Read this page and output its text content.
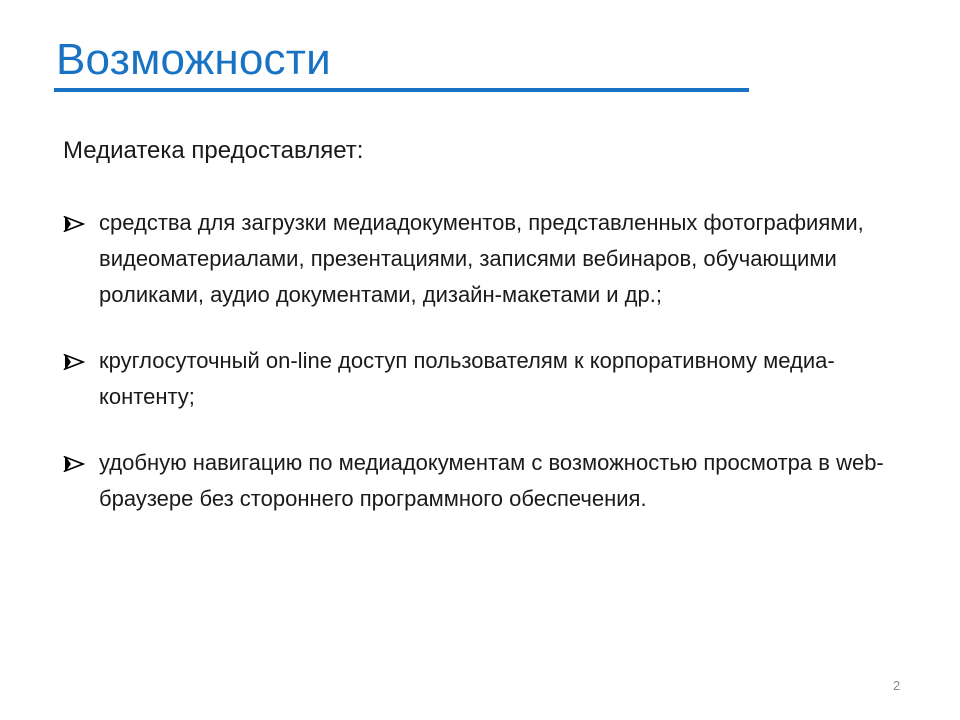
Возможности

Медиатека предоставляет:

средства для загрузки медиадокументов, представленных фотографиями, видеоматериалами, презентациями, записями вебинаров, обучающими роликами, аудио документами, дизайн-макетами и др.;
круглосуточный on-line доступ пользователям к корпоративному медиа-контенту;
удобную навигацию по медиадокументам с возможностью просмотра в web-браузере без стороннего программного обеспечения.
2
